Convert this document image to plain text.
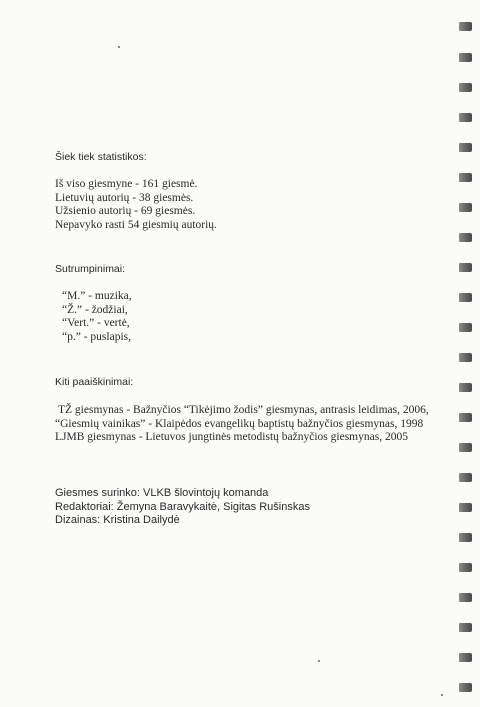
Šiek tiek statistikos:

Iš viso giesmyne - 161 giesmė.

Lietuvių autorių - 38 giesmės.

Užsienio autorių - 69 giesmės.

Nepavyko rasti 54 giesmių autorių.

Sutrumpinimai:

“M.” - muzika,

“Ž.” - žodžiai,

“Vert.” - vertė,

“p.” - puslapis,

Kiti paaiškinimai:

TŽ giesmynas - Bažnyčios “Tikėjimo žodis” giesmynas, antrasis leidimas, 2006,

“Giesmių vainikas” - Klaipėdos evangelikų baptistų bažnyčios giesmynas, 1998

LJMB giesmynas - Lietuvos jungtinės metodistų bažnyčios giesmynas, 2005

Giesmes surinko: VLKB šlovintojų komanda

Redaktoriai: Žemyna Baravykaitė, Sigitas Rušinskas

Dizainas: Kristina Dailydė
